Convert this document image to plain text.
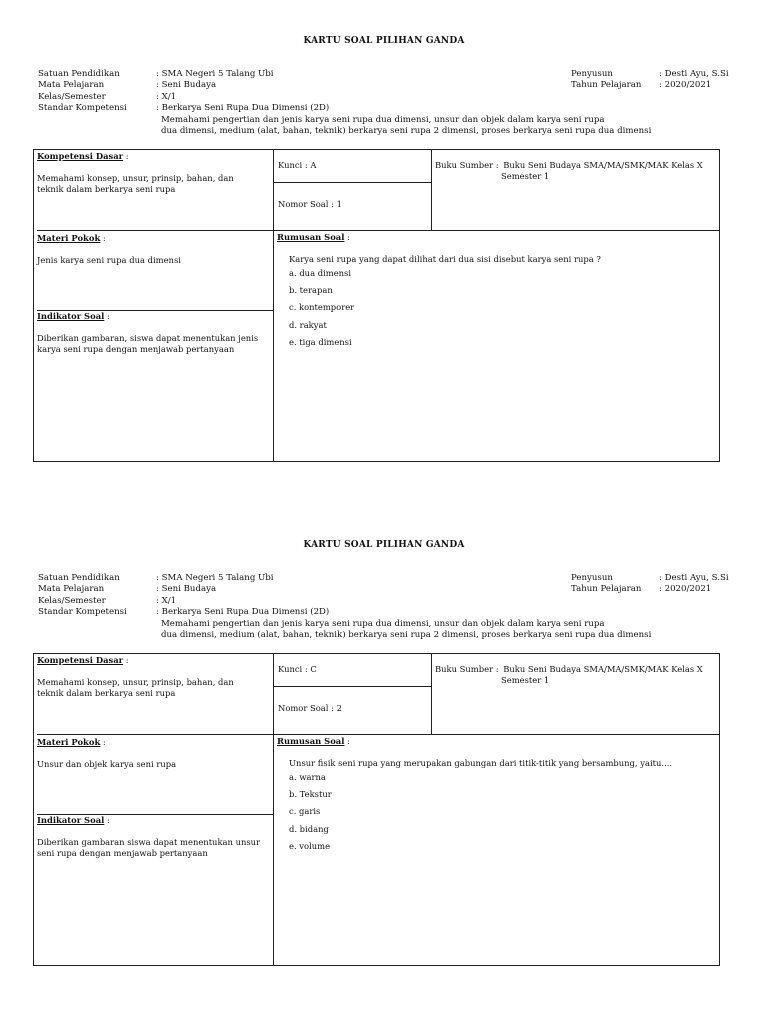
KARTU SOAL PILIHAN GANDA
Satuan Pendidikan	: SMA Negeri 5 Talang Ubi
Mata Pelajaran	: Seni Budaya
Kelas/Semester	: X/1
Standar Kompetensi	: Berkarya Seni Rupa Dua Dimensi (2D)
Memahami pengertian dan jenis karya seni rupa dua dimensi, unsur dan objek dalam karya seni rupa
dua dimensi, medium (alat, bahan, teknik) berkarya seni rupa 2 dimensi, proses berkarya seni rupa dua dimensi
Penyusun	: Desti Ayu, S.Si
Tahun Pelajaran : 2020/2021
Kompetensi Dasar :
Memahami konsep, unsur, prinsip, bahan, dan teknik dalam berkarya seni rupa
Kunci : A
Nomor Soal : 1
Buku Sumber : Buku Seni Budaya SMA/MA/SMK/MAK Kelas X
Semester 1
Materi Pokok :
Jenis karya seni rupa dua dimensi
Indikator Soal :
Diberikan gambaran, siswa dapat menentukan jenis karya seni rupa dengan menjawab pertanyaan
Rumusan Soal :
Karya seni rupa yang dapat dilihat dari dua sisi disebut karya seni rupa ?
a. dua dimensi
b. terapan
c. kontemporer
d. rakyat
e. tiga dimensi
KARTU SOAL PILIHAN GANDA
Satuan Pendidikan	: SMA Negeri 5 Talang Ubi
Mata Pelajaran	: Seni Budaya
Kelas/Semester	: X/1
Standar Kompetensi	: Berkarya Seni Rupa Dua Dimensi (2D)
Memahami pengertian dan jenis karya seni rupa dua dimensi, unsur dan objek dalam karya seni rupa
dua dimensi, medium (alat, bahan, teknik) berkarya seni rupa 2 dimensi, proses berkarya seni rupa dua dimensi
Penyusun	: Desti Ayu, S.Si
Tahun Pelajaran : 2020/2021
Kompetensi Dasar :
Memahami konsep, unsur, prinsip, bahan, dan teknik dalam berkarya seni rupa
Kunci : C
Nomor Soal : 2
Buku Sumber : Buku Seni Budaya SMA/MA/SMK/MAK Kelas X
Semester 1
Materi Pokok :
Unsur dan objek karya seni rupa
Indikator Soal :
Diberikan gambaran siswa dapat menentukan unsur seni rupa dengan menjawab pertanyaan
Rumusan Soal :
Unsur fisik seni rupa yang merupakan gabungan dari titik-titik yang bersambung, yaitu....
a. warna
b. Tekstur
c. garis
d. bidang
e. volume
